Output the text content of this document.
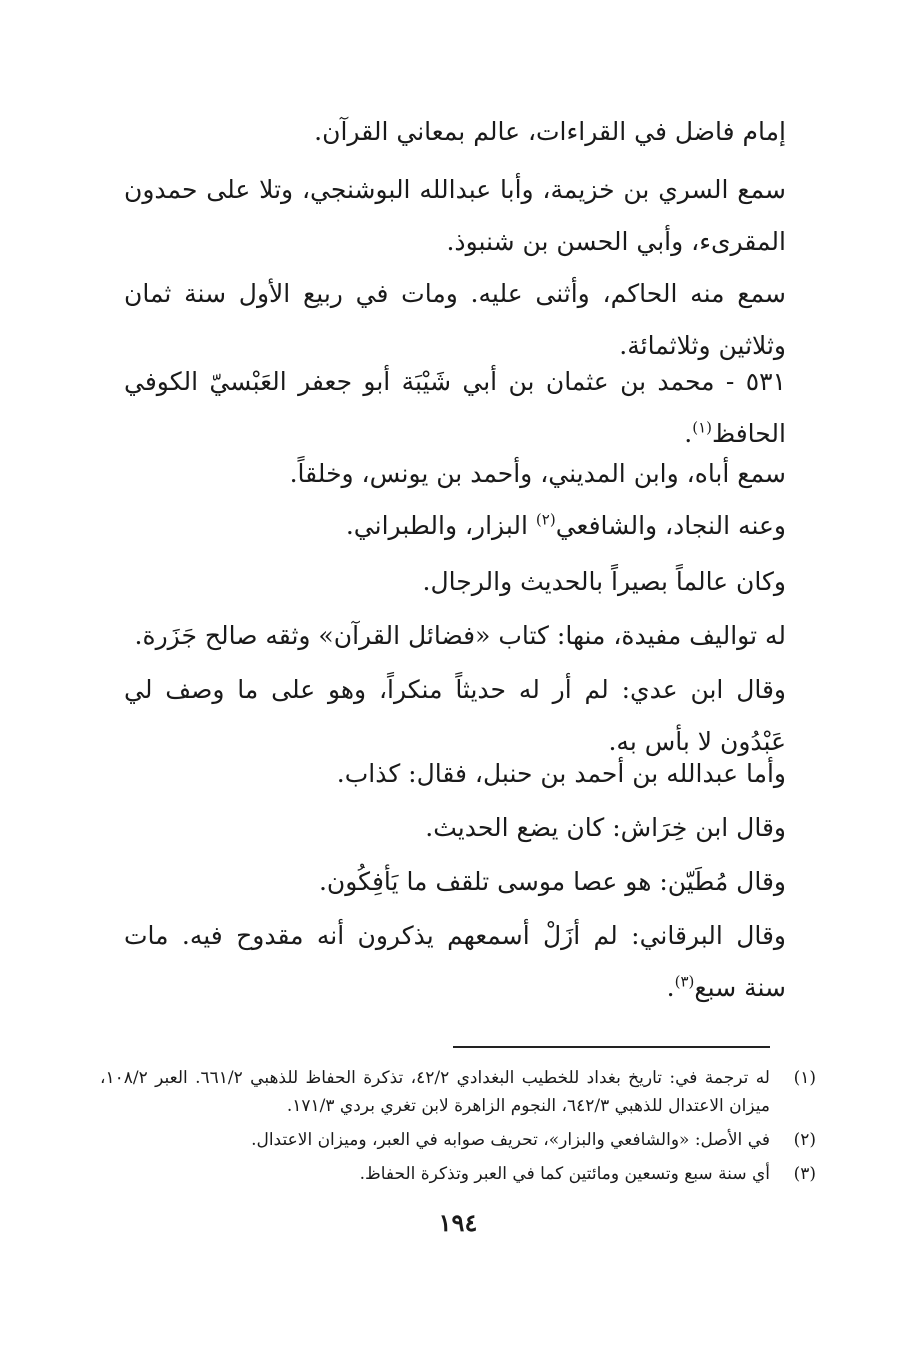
إمام فاضل في القراءات، عالم بمعاني القرآن.
سمع السري بن خزيمة، وأبا عبدالله البوشنجي، وتلا على حمدون المقرىء، وأبي الحسن بن شنبوذ.
سمع منه الحاكم، وأثنى عليه. ومات في ربيع الأول سنة ثمان وثلاثين وثلاثمائة.
٥٣١ - محمد بن عثمان بن أبي شَيْبَة أبو جعفر العَبْسيّ الكوفي الحافظ$^{(١)}$.
سمع أباه، وابن المديني، وأحمد بن يونس، وخلقاً.
وعنه النجاد، والشافعي$^{(٢)}$ البزار، والطبراني.
وكان عالماً بصيراً بالحديث والرجال.
له تواليف مفيدة، منها: كتاب «فضائل القرآن» وثقه صالح جَزَرة.
وقال ابن عدي: لم أر له حديثاً منكراً، وهو على ما وصف لي عَبْدُون لا بأس به.
وأما عبدالله بن أحمد بن حنبل، فقال: كذاب.
وقال ابن خِرَاش: كان يضع الحديث.
وقال مُطَيّن: هو عصا موسى تلقف ما يَأفِكُون.
وقال البرقاني: لم أزَلْ أسمعهم يذكرون أنه مقدوح فيه. مات سنة سبع$^{(٣)}$.
(١)
له ترجمة في: تاريخ بغداد للخطيب البغدادي ٤٢/٢، تذكرة الحفاظ للذهبي ٦٦١/٢. العبر ١٠٨/٢، ميزان الاعتدال للذهبي ٦٤٢/٣، النجوم الزاهرة لابن تغري بردي ١٧١/٣.
(٢)
في الأصل: «والشافعي والبزار»، تحريف صوابه في العبر، وميزان الاعتدال.
(٣)
أي سنة سبع وتسعين ومائتين كما في العبر وتذكرة الحفاظ.
١٩٤
